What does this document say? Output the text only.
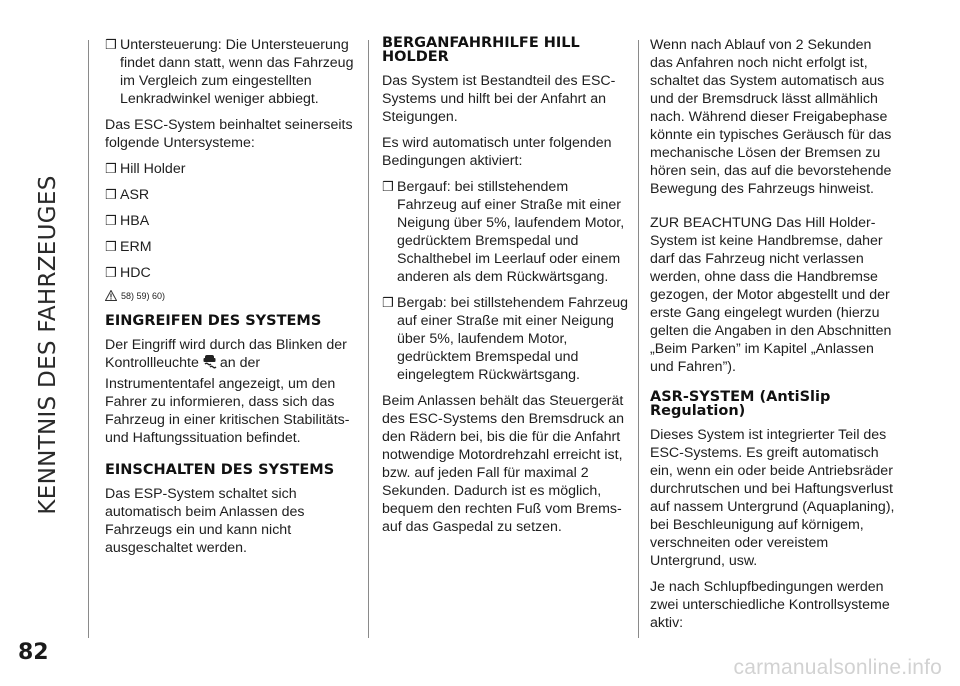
KENNTNIS DES FAHRZEUGES
82
❒ Untersteuerung: Die Untersteuerung findet dann statt, wenn das Fahrzeug im Vergleich zum eingestellten Lenkradwinkel weniger abbiegt.

Das ESC-System beinhaltet seinerseits folgende Untersysteme:

❒ Hill Holder
❒ ASR
❒ HBA
❒ ERM
❒ HDC
58) 59) 60)
EINGREIFEN DES SYSTEMS

Der Eingriff wird durch das Blinken der Kontrollleuchte an der Instrumententafel angezeigt, um den Fahrer zu informieren, dass sich das Fahrzeug in einer kritischen Stabilitäts- und Haftungssituation befindet.

EINSCHALTEN DES SYSTEMS

Das ESP-System schaltet sich automatisch beim Anlassen des Fahrzeugs ein und kann nicht ausgeschaltet werden.

BERGANFAHRHILFE HILL HOLDER

Das System ist Bestandteil des ESC-Systems und hilft bei der Anfahrt an Steigungen.

Es wird automatisch unter folgenden Bedingungen aktiviert:

❒ Bergauf: bei stillstehendem Fahrzeug auf einer Straße mit einer Neigung über 5%, laufendem Motor, gedrücktem Bremspedal und Schalthebel im Leerlauf oder einem anderen als dem Rückwärtsgang.
❒ Bergab: bei stillstehendem Fahrzeug auf einer Straße mit einer Neigung über 5%, laufendem Motor, gedrücktem Bremspedal und eingelegtem Rückwärtsgang.

Beim Anlassen behält das Steuergerät des ESC-Systems den Bremsdruck an den Rädern bei, bis die für die Anfahrt notwendige Motordrehzahl erreicht ist, bzw. auf jeden Fall für maximal 2 Sekunden. Dadurch ist es möglich, bequem den rechten Fuß vom Brems- auf das Gaspedal zu setzen.

Wenn nach Ablauf von 2 Sekunden das Anfahren noch nicht erfolgt ist, schaltet das System automatisch aus und der Bremsdruck lässt allmählich nach. Während dieser Freigabephase könnte ein typisches Geräusch für das mechanische Lösen der Bremsen zu hören sein, das auf die bevorstehende Bewegung des Fahrzeugs hinweist.

ZUR BEACHTUNG Das Hill Holder-System ist keine Handbremse, daher darf das Fahrzeug nicht verlassen werden, ohne dass die Handbremse gezogen, der Motor abgestellt und der erste Gang eingelegt wurden (hierzu gelten die Angaben in den Abschnitten „Beim Parken” im Kapitel „Anlassen und Fahren”).

ASR-SYSTEM (AntiSlip Regulation)

Dieses System ist integrierter Teil des ESC-Systems. Es greift automatisch ein, wenn ein oder beide Antriebsräder durchrutschen und bei Haftungsverlust auf nassem Untergrund (Aquaplaning), bei Beschleunigung auf körnigem, verschneiten oder vereistem Untergrund, usw.

Je nach Schlupfbedingungen werden zwei unterschiedliche Kontrollsysteme aktiv:

carmanualsonline.info
